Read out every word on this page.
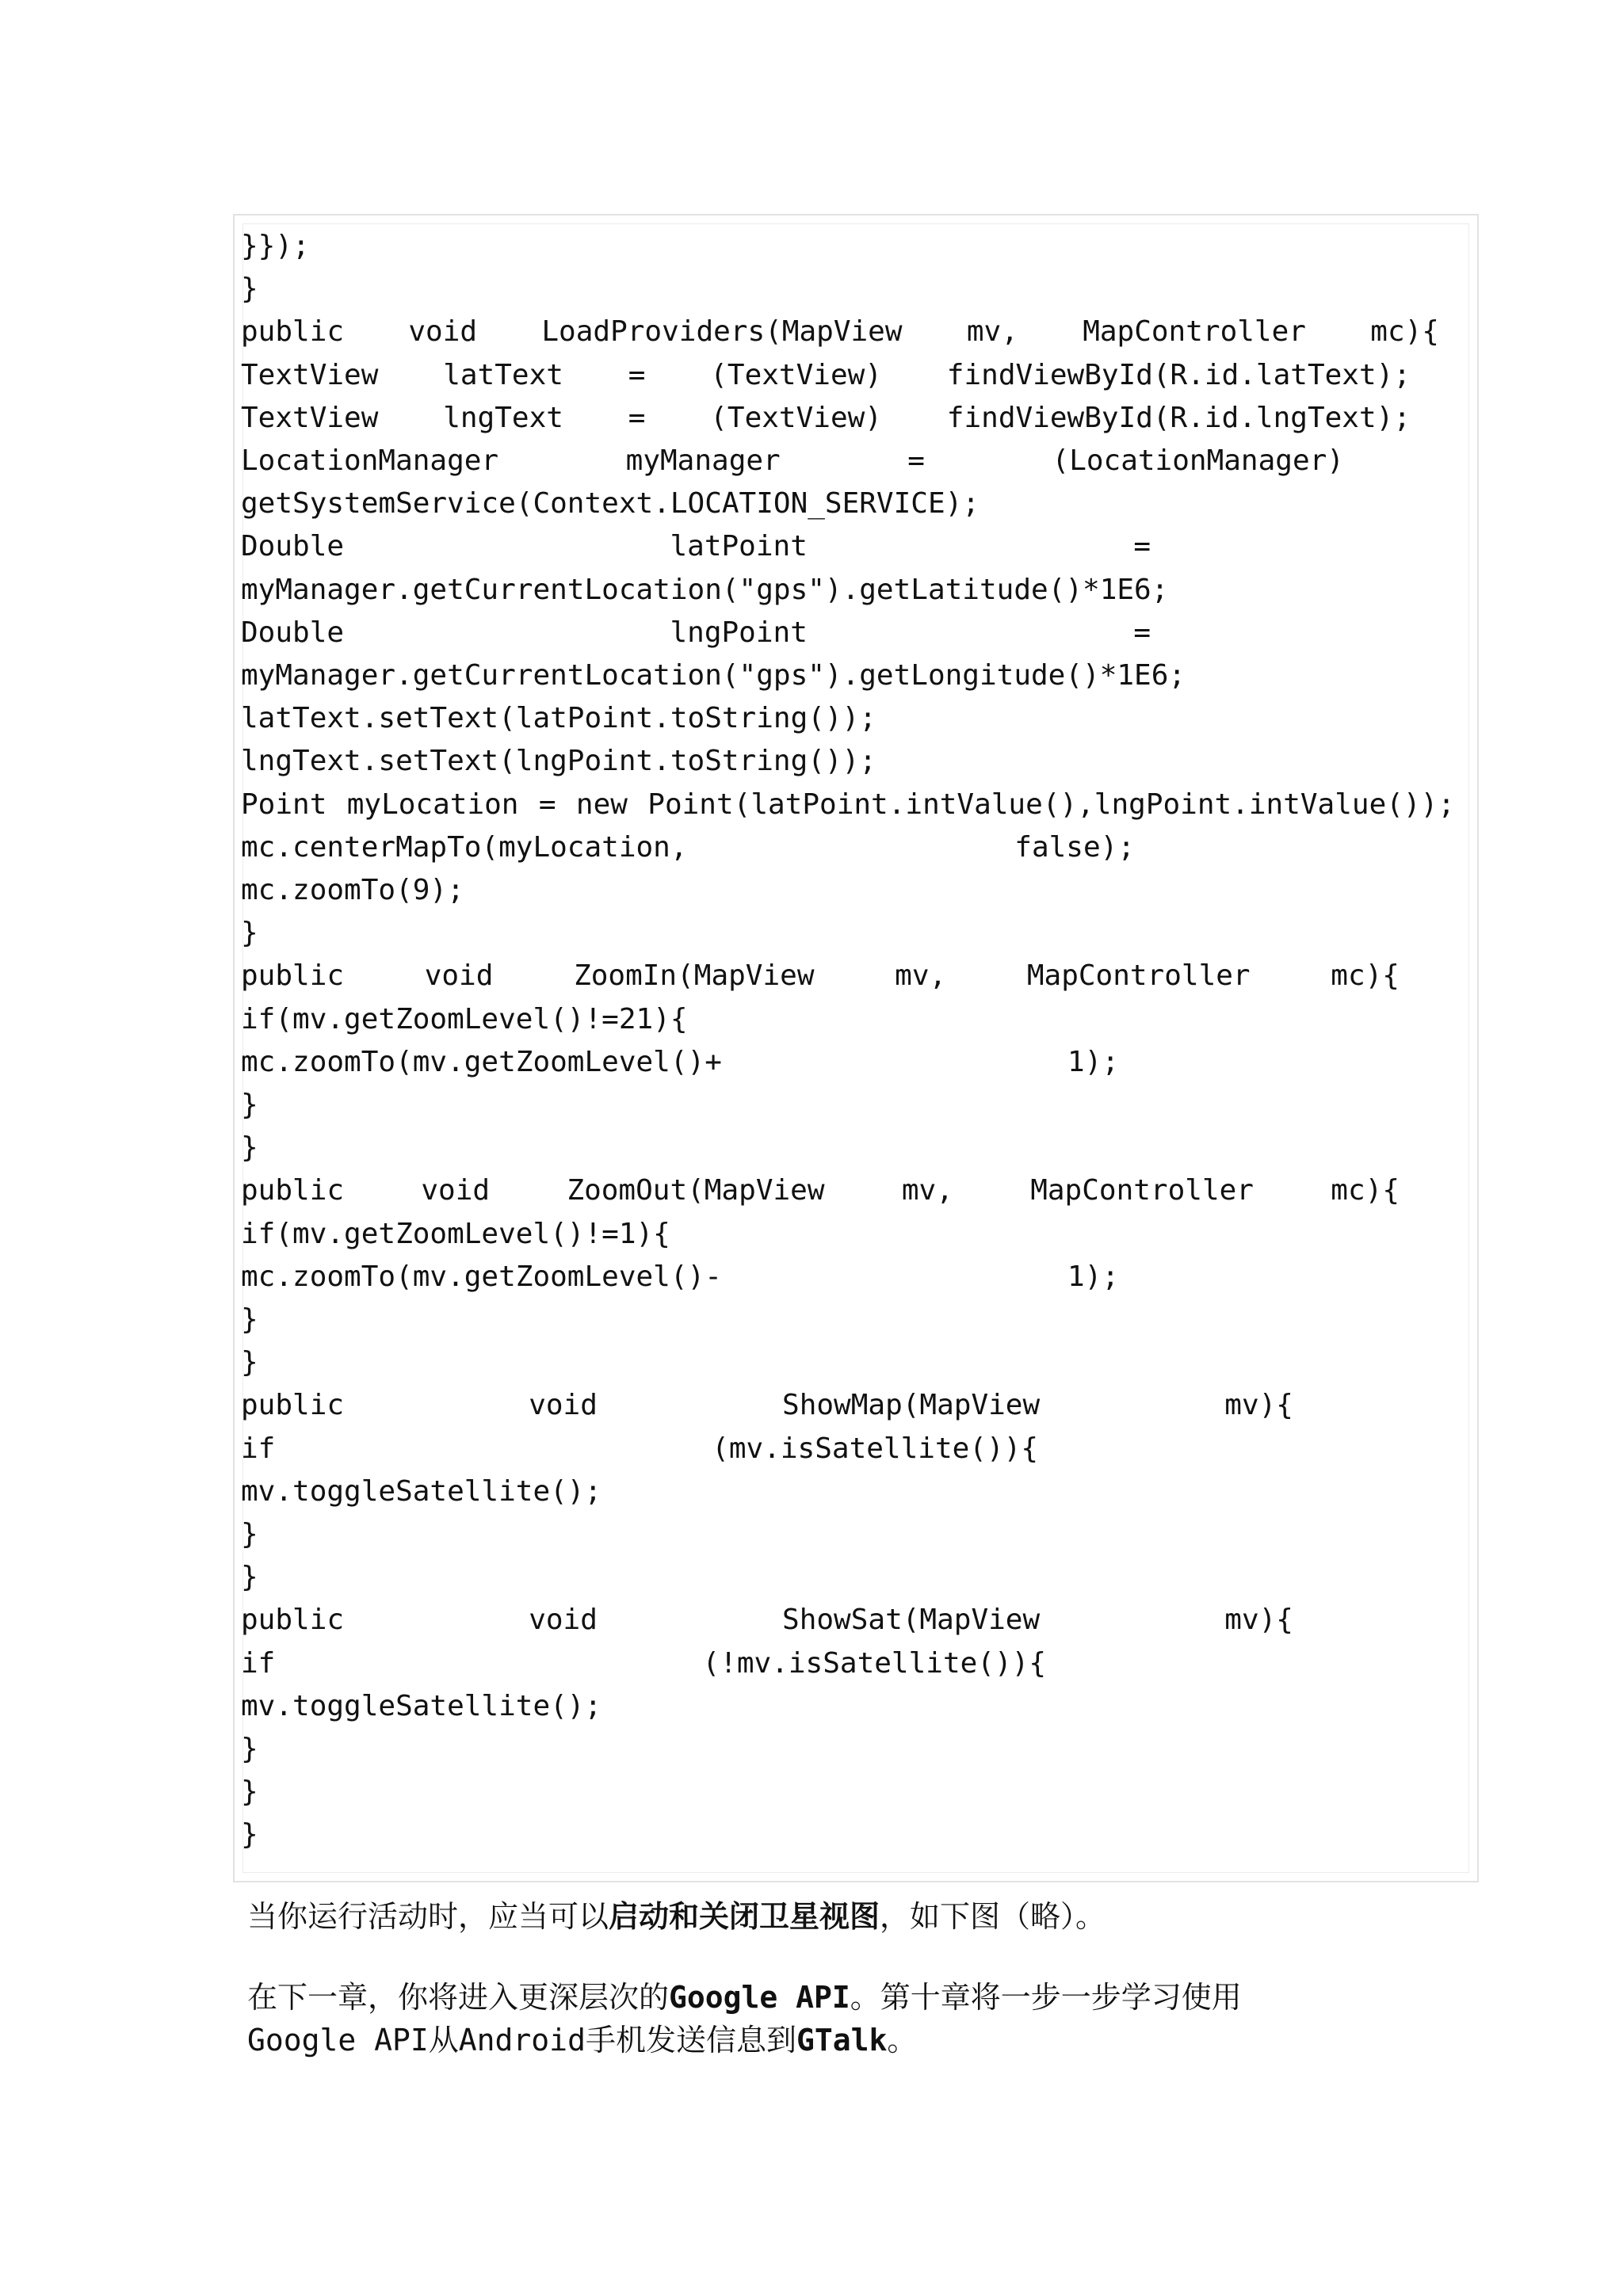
}});
}
public void LoadProviders(MapView mv, MapController mc){
TextView latText = (TextView) findViewById(R.id.latText);
TextView lngText = (TextView) findViewById(R.id.lngText);
LocationManager	myManager	=	(LocationManager)
getSystemService(Context.LOCATION_SERVICE);
Double	latPoint	=
myManager.getCurrentLocation("gps").getLatitude()*1E6;
Double	lngPoint	=
myManager.getCurrentLocation("gps").getLongitude()*1E6;
latText.setText(latPoint.toString());
lngText.setText(lngPoint.toString());
Point myLocation = new Point(latPoint.intValue(),lngPoint.intValue());
mc.centerMapTo(myLocation,	false);
mc.zoomTo(9);
}
public	void	ZoomIn(MapView	mv,	MapController	mc){
if(mv.getZoomLevel()!=21){
mc.zoomTo(mv.getZoomLevel()+	1);
}
}
public	void	ZoomOut(MapView	mv,	MapController	mc){
if(mv.getZoomLevel()!=1){
mc.zoomTo(mv.getZoomLevel()-	1);
}
}
public	void	ShowMap(MapView	mv){
if	(mv.isSatellite()){
mv.toggleSatellite();
}
}
public	void	ShowSat(MapView	mv){
if	(!mv.isSatellite()){
mv.toggleSatellite();
}
}
}
当你运行活动时，应当可以启动和关闭卫星视图，如下图（略）。
在下一章，你将进入更深层次的Google API。第十章将一步一步学习使用
Google API从Android手机发送信息到GTalk。
